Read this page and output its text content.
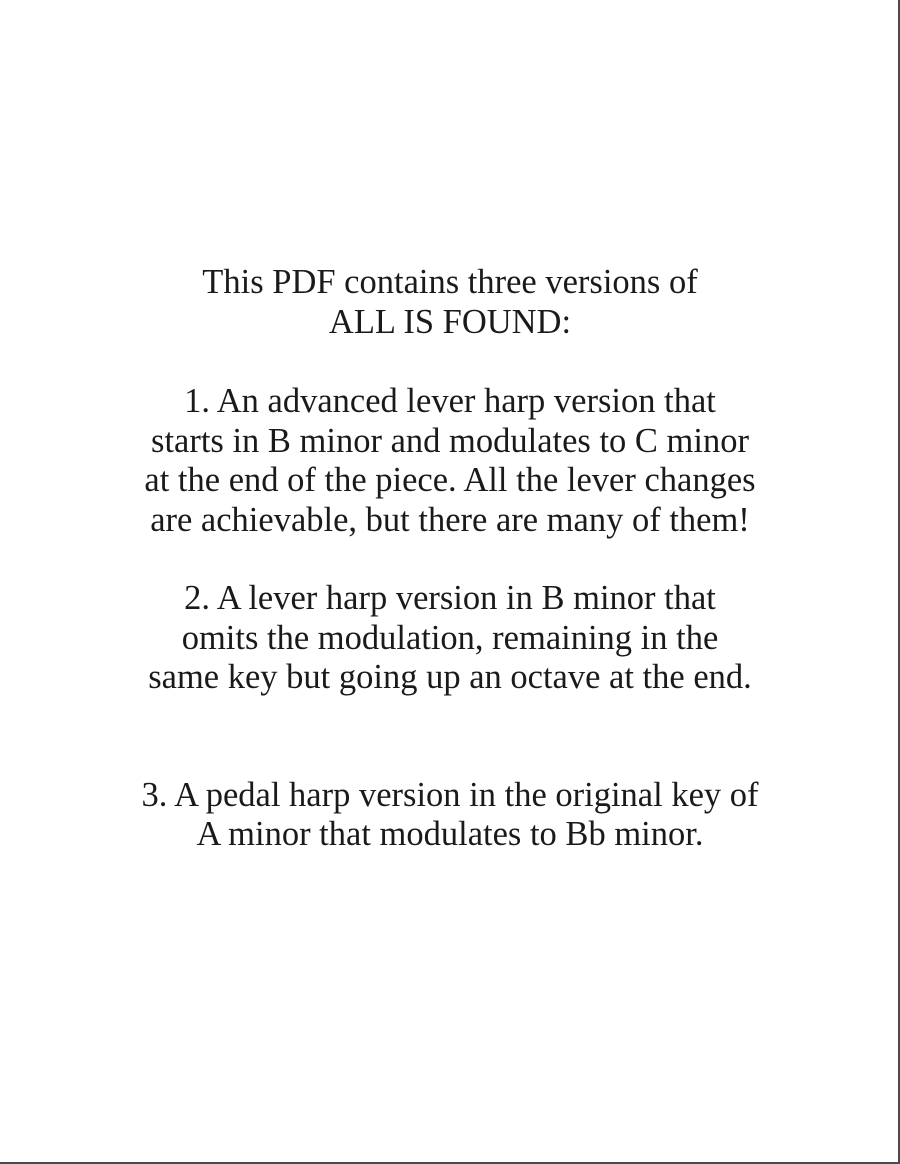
This PDF contains three versions of
ALL IS FOUND:
1. An advanced lever harp version that
starts in B minor and modulates to C minor
at the end of the piece. All the lever changes
are achievable, but there are many of them!
2. A lever harp version in B minor that
omits the modulation, remaining in the
same key but going up an octave at the end.
3. A pedal harp version in the original key of
A minor that modulates to Bb minor.
